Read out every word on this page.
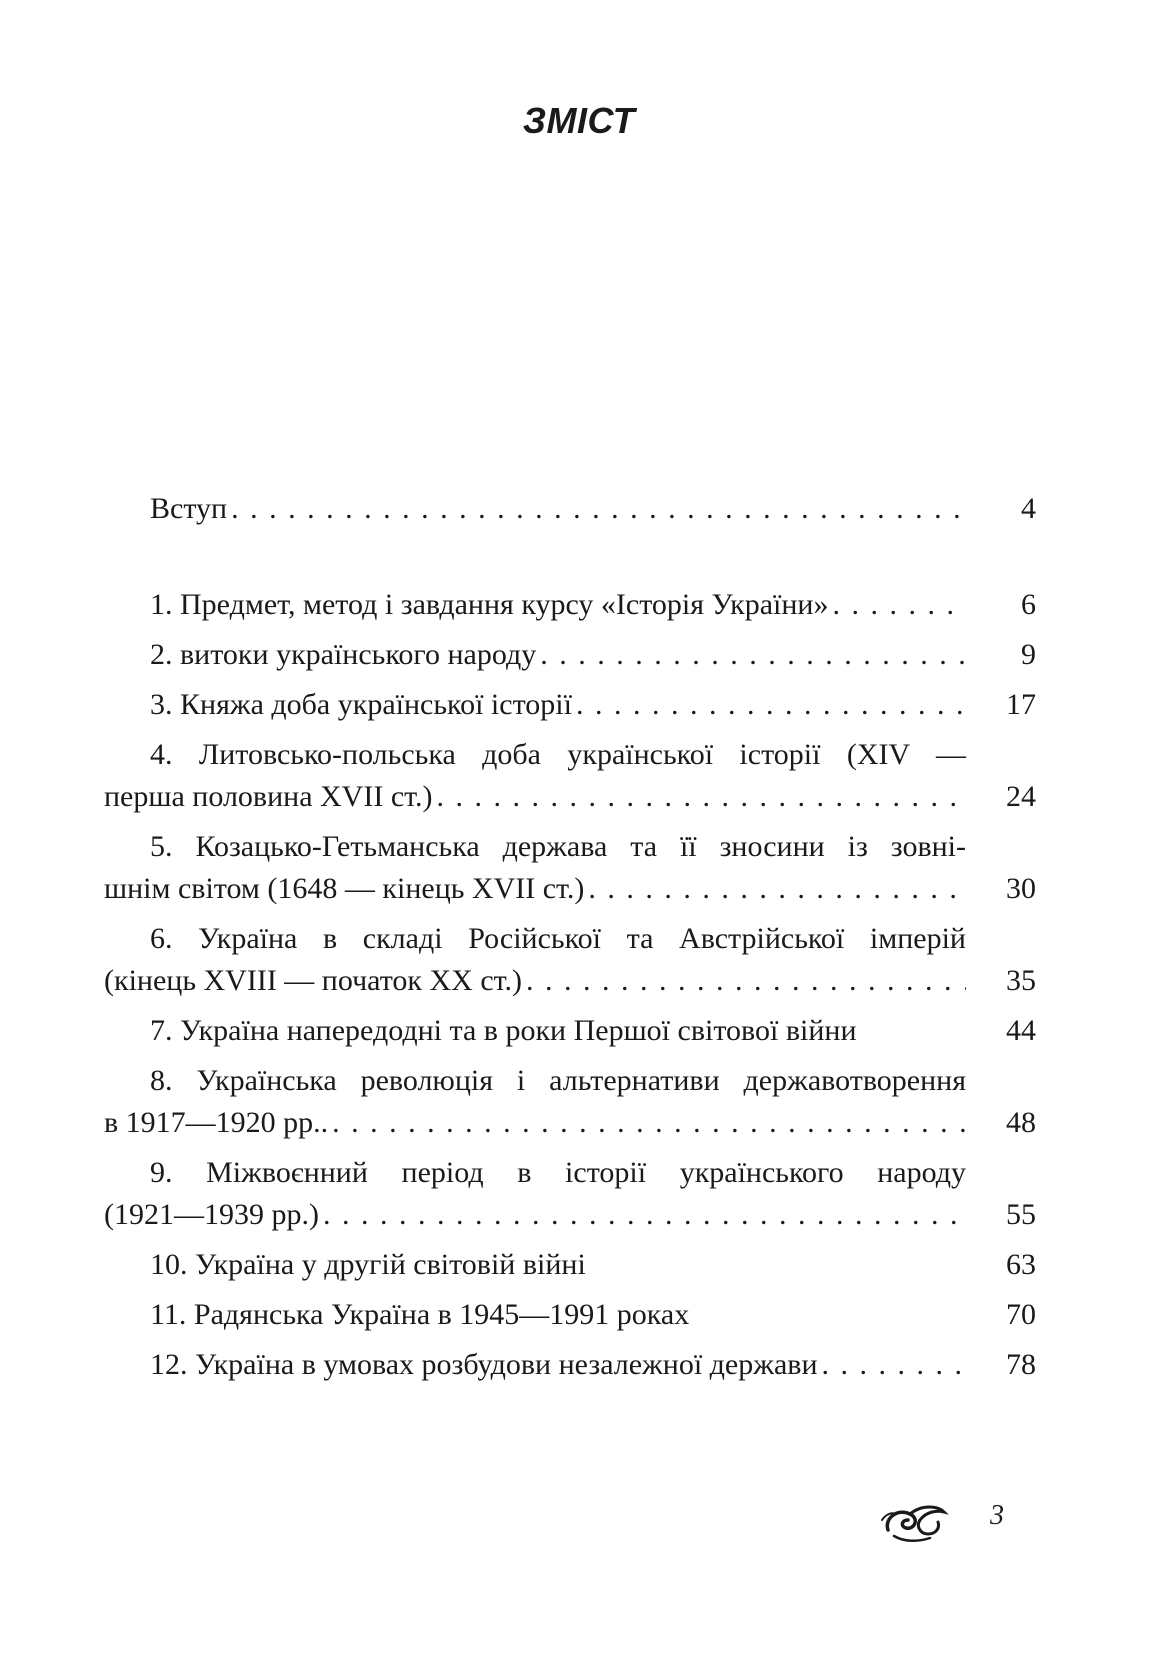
ЗМІСТ
Вступ . . .	4
1. Предмет, метод і завдання курсу «Історія України» . . .	6
2. витоки українського народу . . .	9
3. Княжа доба української історії . . .	17
4. Литовсько-польська доба української історії (XIV —
перша половина XVII ст.) . . .	24
5. Козацько-Гетьманська держава та її зносини із зовні-
шнім світом (1648 — кінець XVII ст.) . . .	30
6. Україна в складі Російської та Австрійської імперій
(кінець XVIII — початок XX ст.) . . .	35
7. Україна напередодні та в роки Першої світової війни	44
8. Українська революція і альтернативи державотворення
в 1917—1920 рр.. . . .	48
9. Міжвоєнний період в історії українського народу
(1921—1939 рр.) . . .	55
10. Україна у другій світовій війні	63
11. Радянська Україна в 1945—1991 роках	70
12. Україна в умовах розбудови незалежної держави . . .	78
3
